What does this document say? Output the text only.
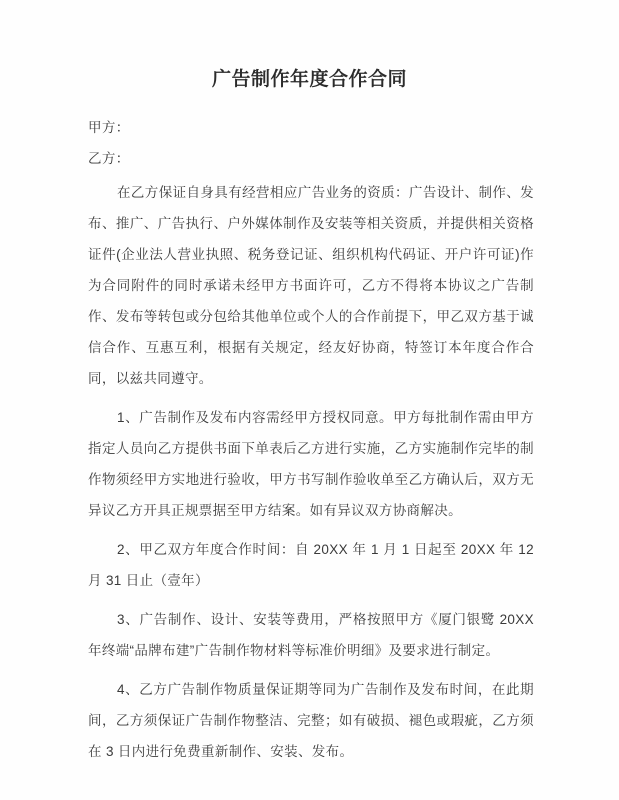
广告制作年度合作合同

甲方：

乙方：

在乙方保证自身具有经营相应广告业务的资质：广告设计、制作、发布、推广、广告执行、户外媒体制作及安装等相关资质，并提供相关资格证件(企业法人营业执照、税务登记证、组织机构代码证、开户许可证)作为合同附件的同时承诺未经甲方书面许可，乙方不得将本协议之广告制作、发布等转包或分包给其他单位或个人的合作前提下，甲乙双方基于诚信合作、互惠互利，根据有关规定，经友好协商，特签订本年度合作合同，以兹共同遵守。

1、广告制作及发布内容需经甲方授权同意。甲方每批制作需由甲方指定人员向乙方提供书面下单表后乙方进行实施，乙方实施制作完毕的制作物须经甲方实地进行验收，甲方书写制作验收单至乙方确认后，双方无异议乙方开具正规票据至甲方结案。如有异议双方协商解决。

2、甲乙双方年度合作时间：自 20XX 年 1 月 1 日起至 20XX 年 12 月 31 日止（壹年）

3、广告制作、设计、安装等费用，严格按照甲方《厦门银鹭 20XX 年终端“品牌布建”广告制作物材料等标准价明细》及要求进行制定。

4、乙方广告制作物质量保证期等同为广告制作及发布时间，在此期间，乙方须保证广告制作物整洁、完整；如有破损、褪色或瑕疵，乙方须在 3 日内进行免费重新制作、安装、发布。
